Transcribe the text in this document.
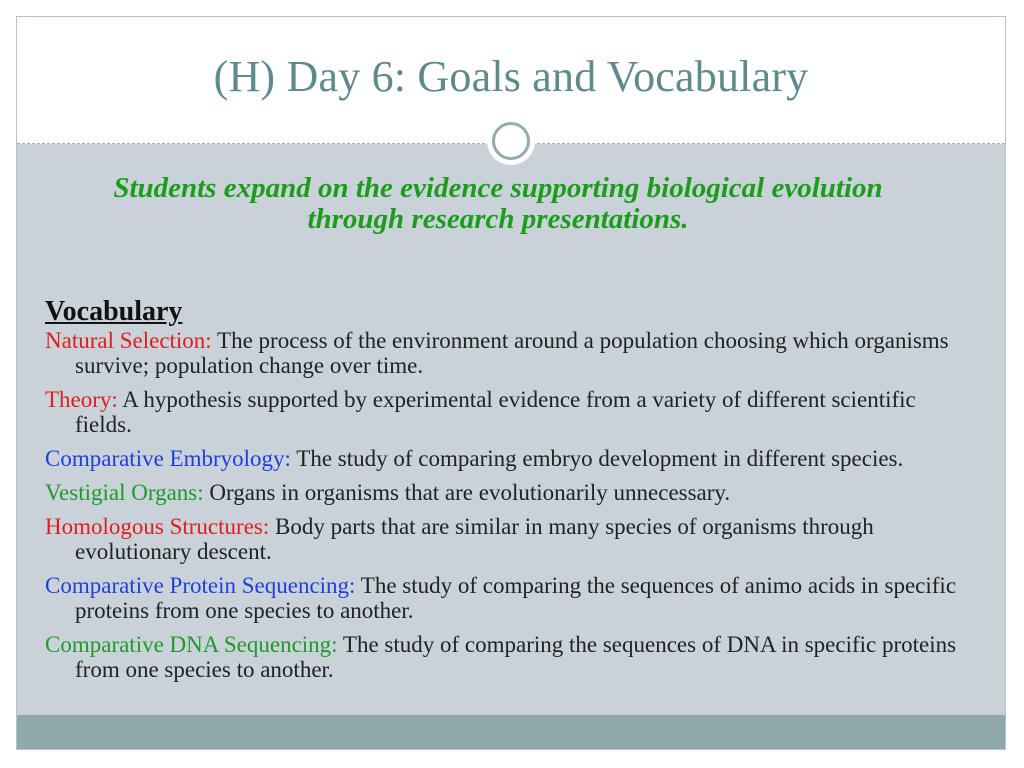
(H) Day 6: Goals and Vocabulary
Students expand on the evidence supporting biological evolution through research presentations.
Vocabulary

Natural Selection: The process of the environment around a population choosing which organisms survive; population change over time.

Theory: A hypothesis supported by experimental evidence from a variety of different scientific fields.

Comparative Embryology: The study of comparing embryo development in different species.

Vestigial Organs: Organs in organisms that are evolutionarily unnecessary.

Homologous Structures: Body parts that are similar in many species of organisms through evolutionary descent.

Comparative Protein Sequencing: The study of comparing the sequences of animo acids in specific proteins from one species to another.

Comparative DNA Sequencing: The study of comparing the sequences of DNA in specific proteins from one species to another.
